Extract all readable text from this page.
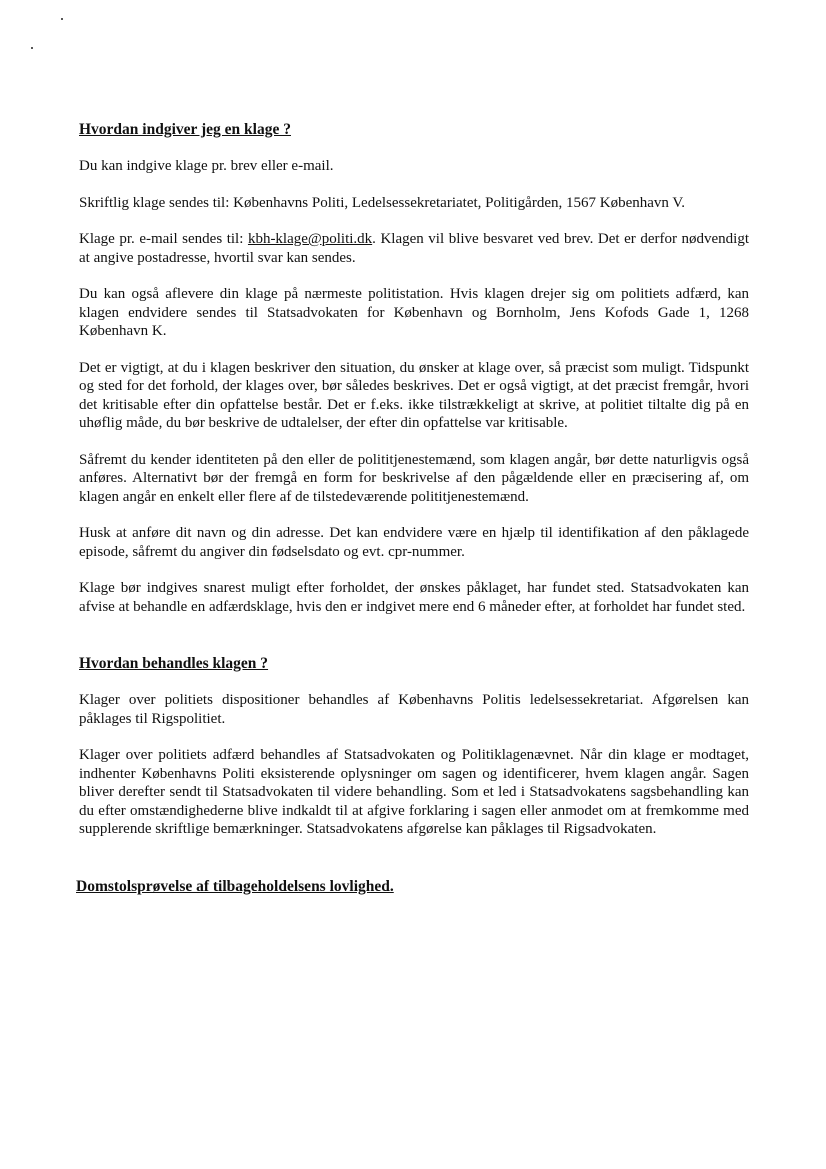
Hvordan indgiver jeg en klage ?

Du kan indgive klage pr. brev eller e-mail.

Skriftlig klage sendes til: Københavns Politi, Ledelsessekretariatet, Politigården, 1567 København V.

Klage pr. e-mail sendes til: kbh-klage@politi.dk. Klagen vil blive besvaret ved brev. Det er derfor nødvendigt at angive postadresse, hvortil svar kan sendes.

Du kan også aflevere din klage på nærmeste politistation. Hvis klagen drejer sig om politiets adfærd, kan klagen endvidere sendes til Statsadvokaten for København og Bornholm, Jens Kofods Gade 1, 1268 København K.

Det er vigtigt, at du i klagen beskriver den situation, du ønsker at klage over, så præcist som muligt. Tidspunkt og sted for det forhold, der klages over, bør således beskrives. Det er også vigtigt, at det præcist fremgår, hvori det kritisable efter din opfattelse består. Det er f.eks. ikke tilstrækkeligt at skrive, at politiet tiltalte dig på en uhøflig måde, du bør beskrive de udtalelser, der efter din opfattelse var kritisable.

Såfremt du kender identiteten på den eller de polititjenestemænd, som klagen angår, bør dette naturligvis også anføres. Alternativt bør der fremgå en form for beskrivelse af den pågældende eller en præcisering af, om klagen angår en enkelt eller flere af de tilstedeværende polititjenestemænd.

Husk at anføre dit navn og din adresse. Det kan endvidere være en hjælp til identifikation af den påklagede episode, såfremt du angiver din fødselsdato og evt. cpr-nummer.

Klage bør indgives snarest muligt efter forholdet, der ønskes påklaget, har fundet sted. Statsadvokaten kan afvise at behandle en adfærdsklage, hvis den er indgivet mere end 6 måneder efter, at forholdet har fundet sted.

Hvordan behandles klagen ?

Klager over politiets dispositioner behandles af Københavns Politis ledelsessekretariat. Afgørelsen kan påklages til Rigspolitiet.

Klager over politiets adfærd behandles af Statsadvokaten og Politiklagenævnet. Når din klage er modtaget, indhenter Københavns Politi eksisterende oplysninger om sagen og identificerer, hvem klagen angår. Sagen bliver derefter sendt til Statsadvokaten til videre behandling. Som et led i Statsadvokatens sagsbehandling kan du efter omstændighederne blive indkaldt til at afgive forklaring i sagen eller anmodet om at fremkomme med supplerende skriftlige bemærkninger. Statsadvokatens afgørelse kan påklages til Rigsadvokaten.

Domstolsprøvelse af tilbageholdelsens lovlighed.
